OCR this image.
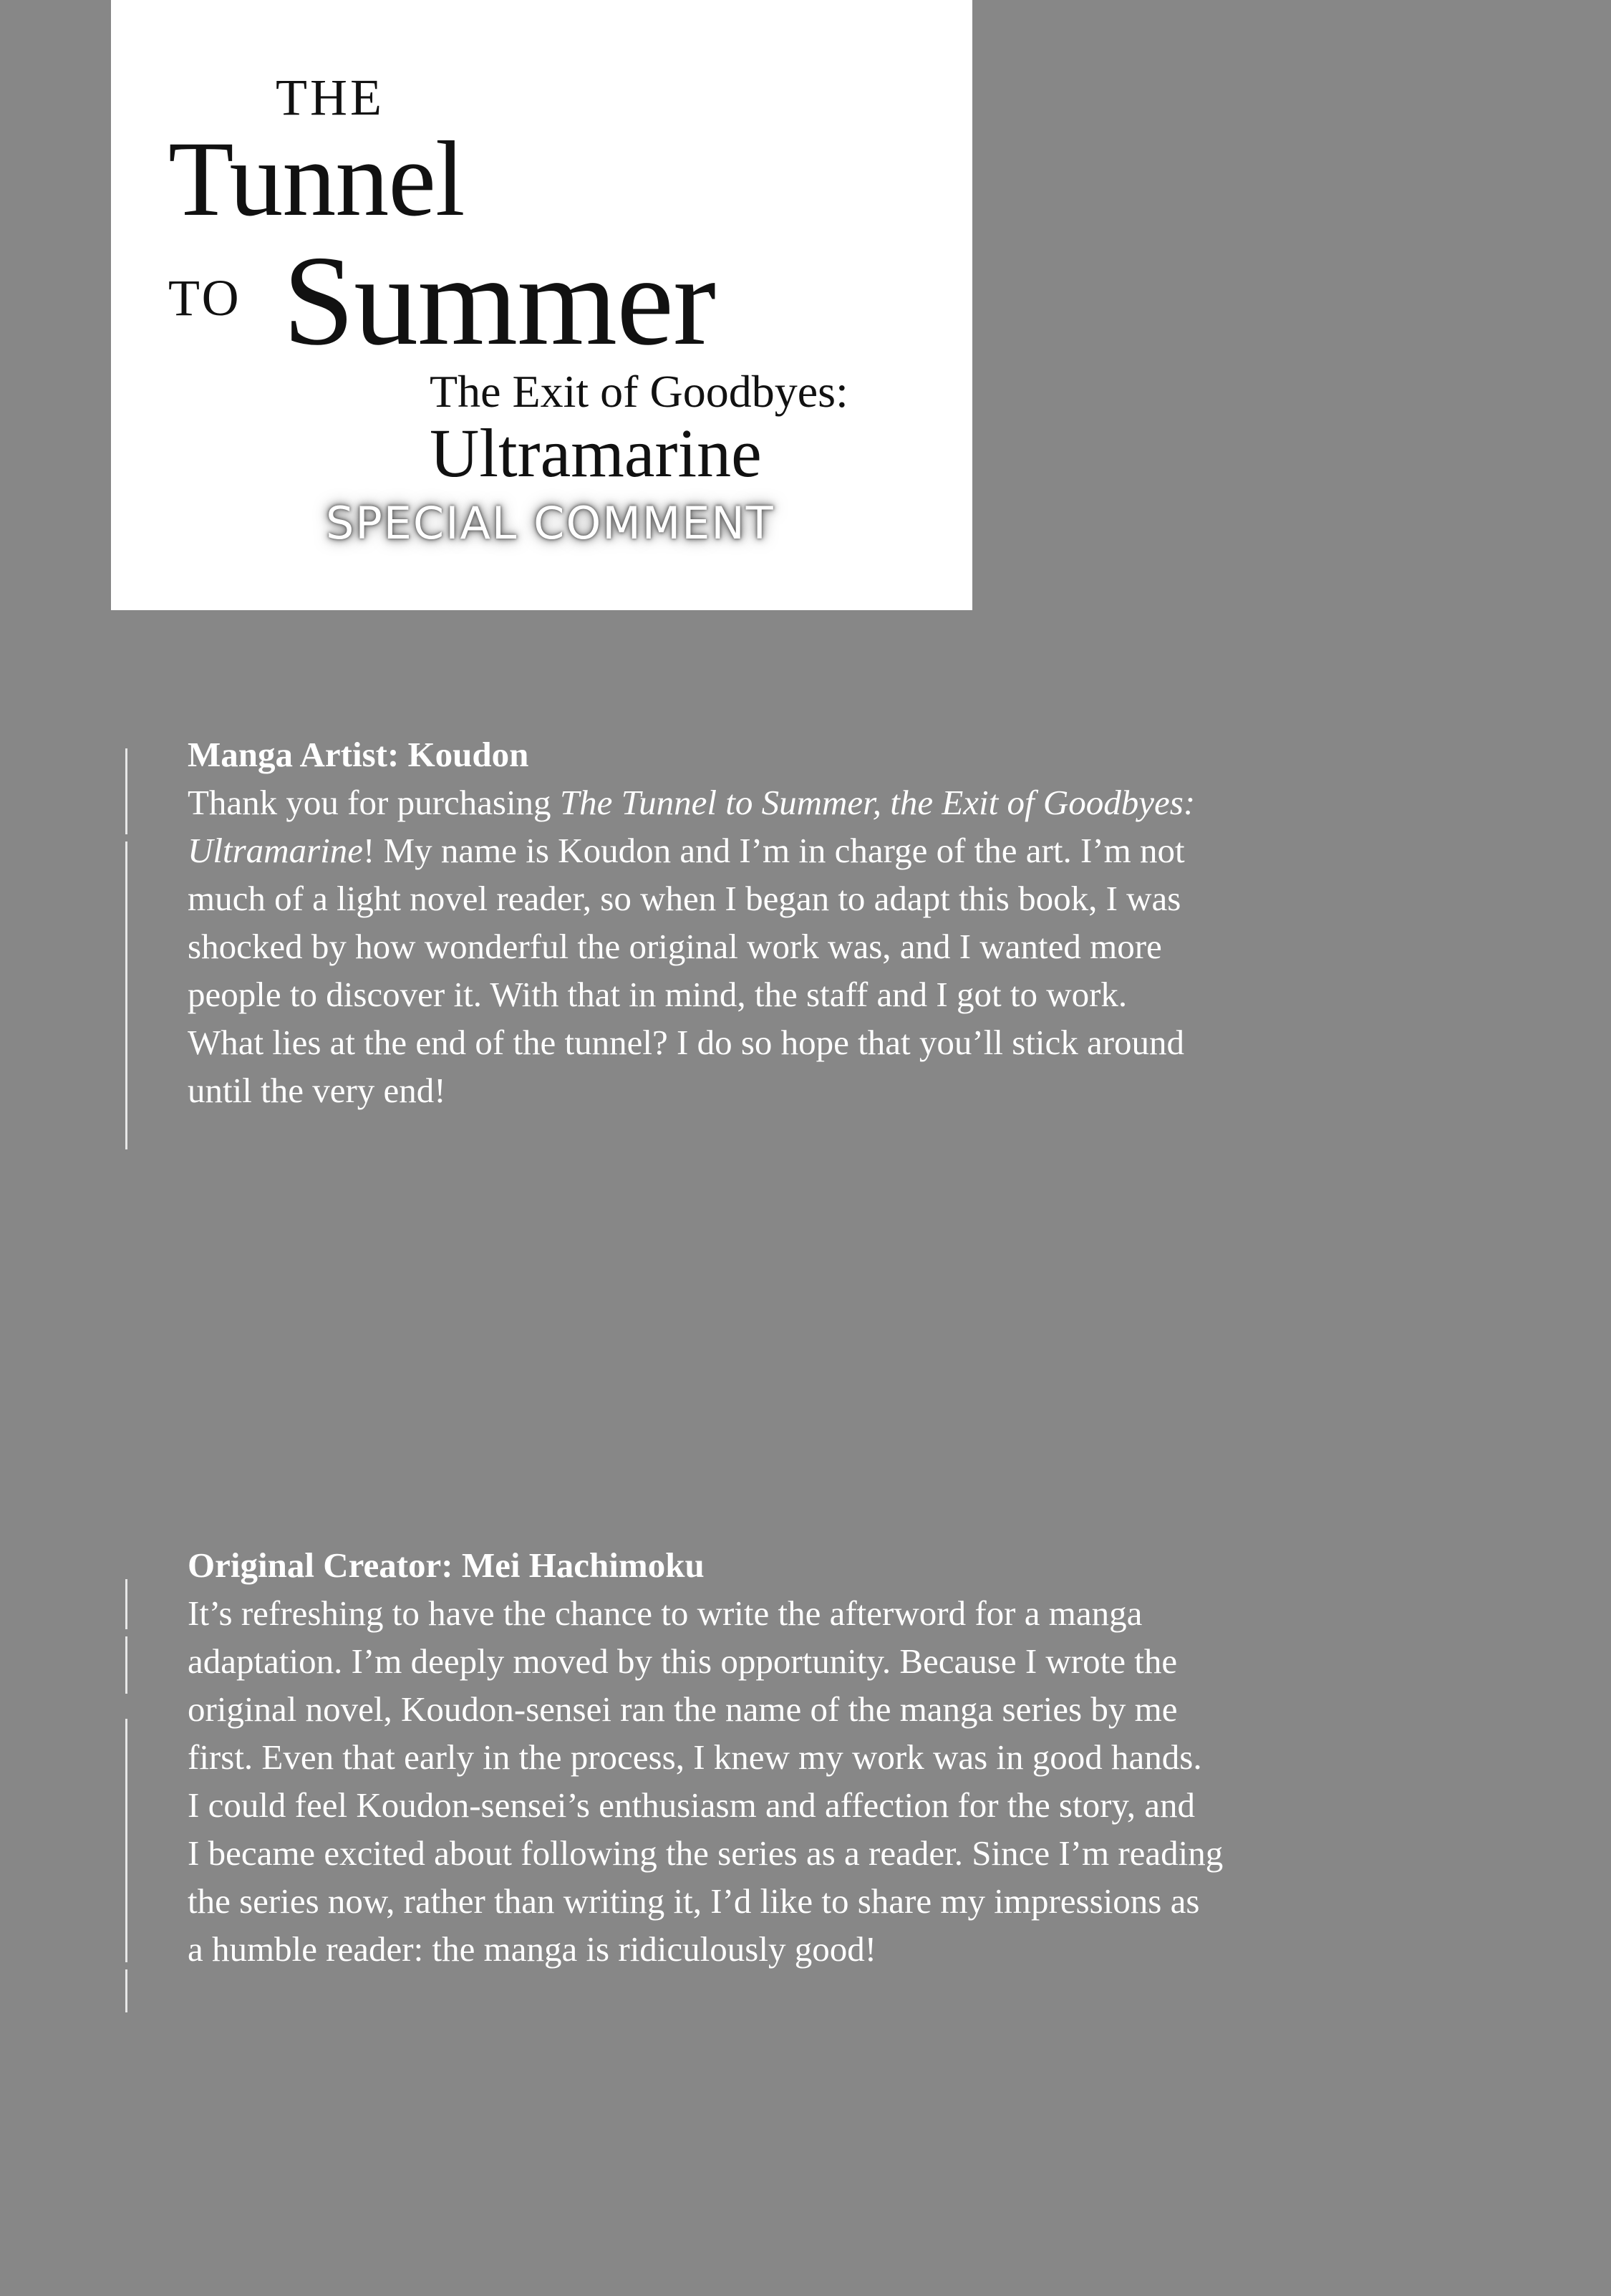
THE
Tunnel
TO Summer
The Exit of Goodbyes:
Ultramarine
SPECIAL COMMENT
Manga Artist: Koudon
Thank you for purchasing The Tunnel to Summer, the Exit of Goodbyes:
Ultramarine! My name is Koudon and I’m in charge of the art. I’m not
much of a light novel reader, so when I began to adapt this book, I was
shocked by how wonderful the original work was, and I wanted more
people to discover it. With that in mind, the staff and I got to work.
What lies at the end of the tunnel? I do so hope that you’ll stick around
until the very end!
Original Creator: Mei Hachimoku
It’s refreshing to have the chance to write the afterword for a manga
adaptation. I’m deeply moved by this opportunity. Because I wrote the
original novel, Koudon-sensei ran the name of the manga series by me
first. Even that early in the process, I knew my work was in good hands.
I could feel Koudon-sensei’s enthusiasm and affection for the story, and
I became excited about following the series as a reader. Since I’m reading
the series now, rather than writing it, I’d like to share my impressions as
a humble reader: the manga is ridiculously good!
